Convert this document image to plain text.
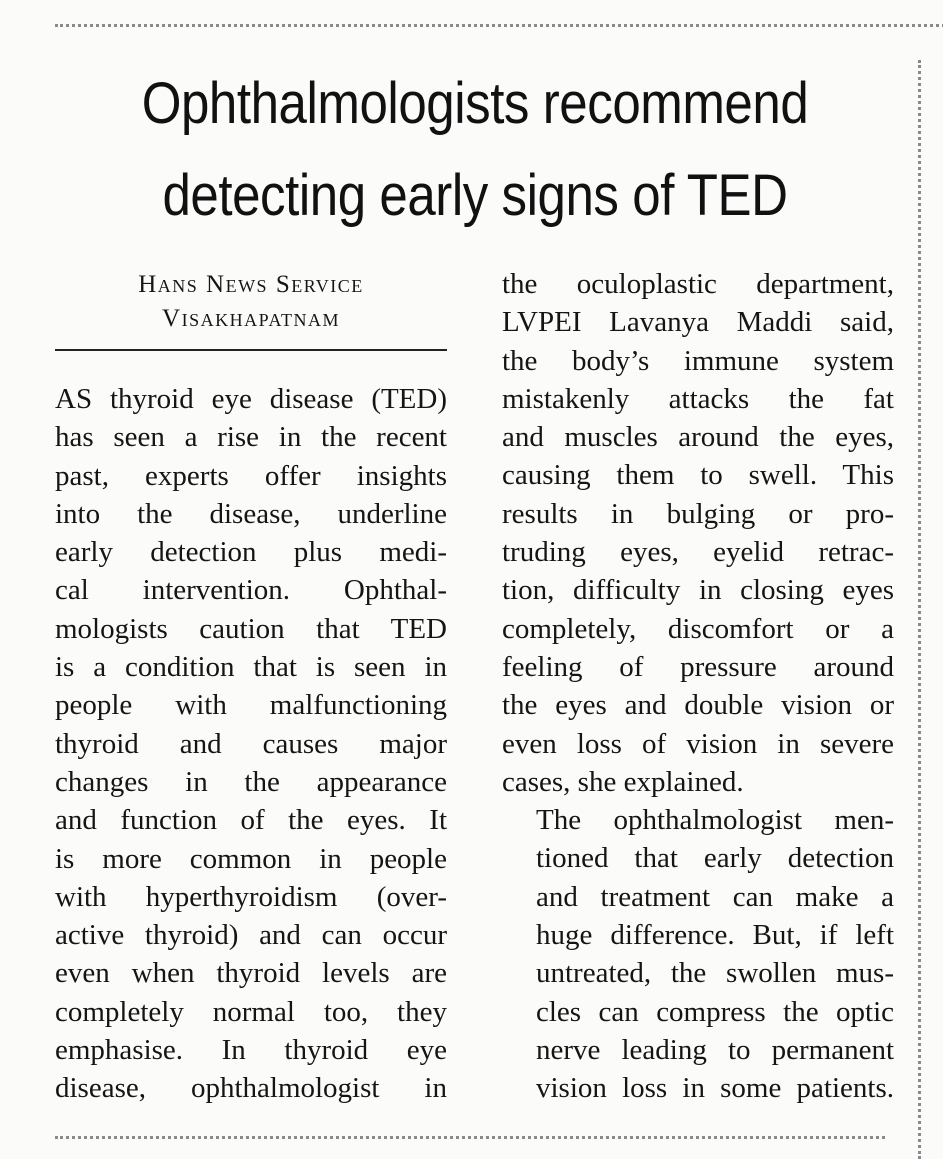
Ophthalmologists recommend
detecting early signs of TED
Hans News Service
Visakhapatnam

AS thyroid eye disease (TED)
has seen a rise in the recent
past, experts offer insights
into the disease, underline
early detection plus medi-
cal intervention. Ophthal-
mologists caution that TED
is a condition that is seen in
people with malfunctioning
thyroid and causes major
changes in the appearance
and function of the eyes. It
is more common in people
with hyperthyroidism (over-
active thyroid) and can occur
even when thyroid levels are
completely normal too, they
emphasise. In thyroid eye
disease, ophthalmologist in

the oculoplastic department,
LVPEI Lavanya Maddi said,
the body’s immune system
mistakenly attacks the fat
and muscles around the eyes,
causing them to swell. This
results in bulging or pro-
truding eyes, eyelid retrac-
tion, difficulty in closing eyes
completely, discomfort or a
feeling of pressure around
the eyes and double vision or
even loss of vision in severe
cases, she explained.

The ophthalmologist men-
tioned that early detection
and treatment can make a
huge difference. But, if left
untreated, the swollen mus-
cles can compress the optic
nerve leading to permanent
vision loss in some patients.
